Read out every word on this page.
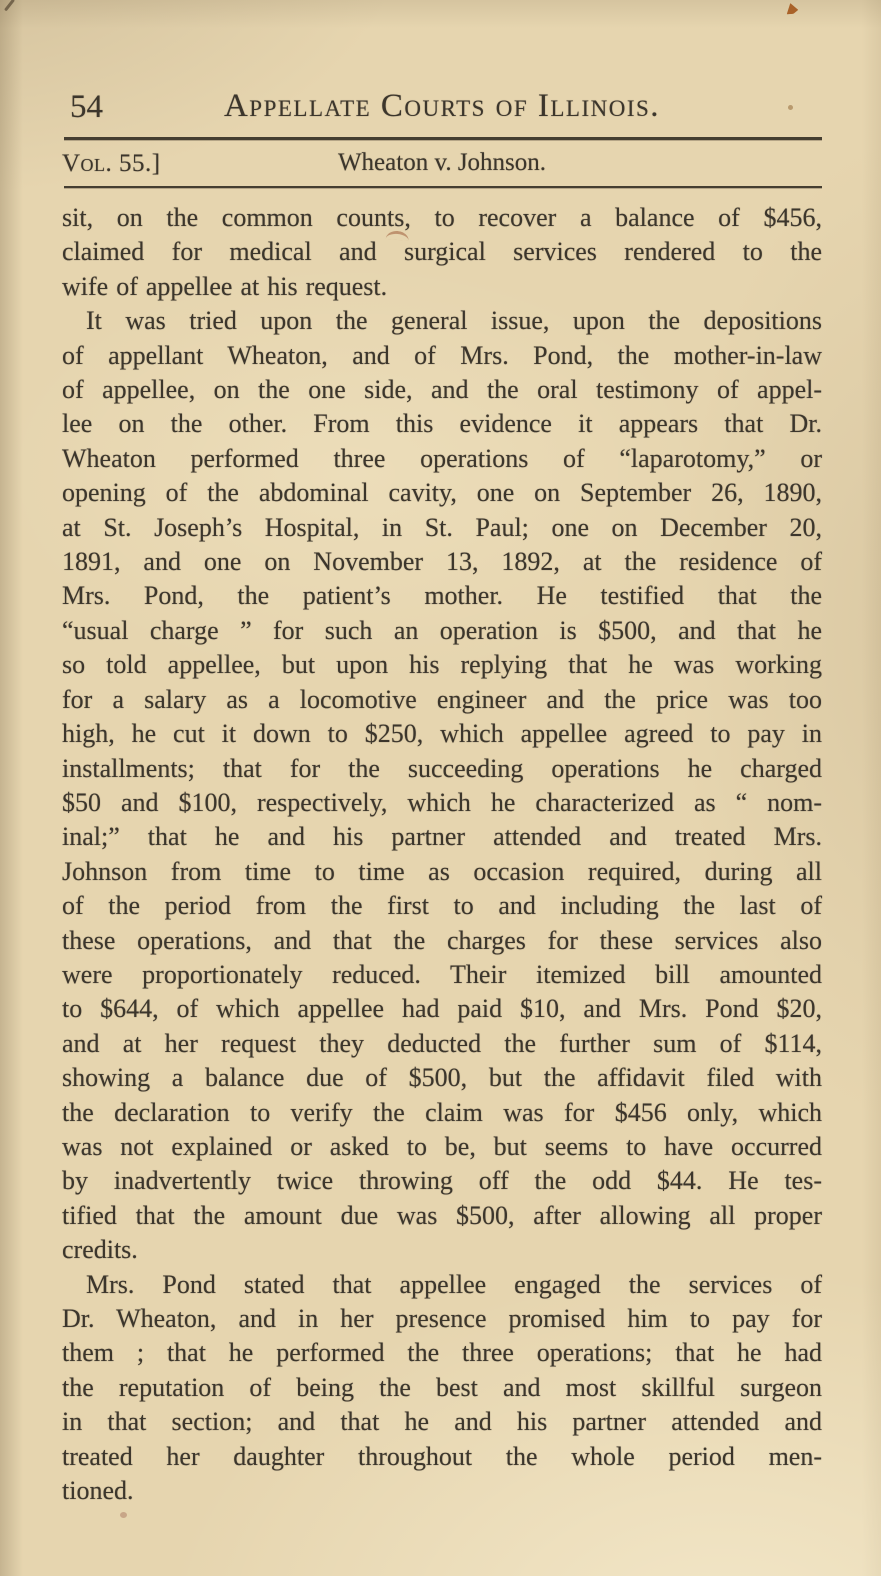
54	Appellate Courts of Illinois.
Vol. 55.]	Wheaton v. Johnson.
sit, on the common counts, to recover a balance of $456,
claimed for medical and surgical services rendered to the
wife of appellee at his request.
It was tried upon the general issue, upon the depositions
of appellant Wheaton, and of Mrs. Pond, the mother-in-law
of appellee, on the one side, and the oral testimony of appel-
lee on the other. From this evidence it appears that Dr.
Wheaton performed three operations of “laparotomy,” or
opening of the abdominal cavity, one on September 26, 1890,
at St. Joseph’s Hospital, in St. Paul; one on December 20,
1891, and one on November 13, 1892, at the residence of
Mrs. Pond, the patient’s mother. He testified that the
“usual charge ” for such an operation is $500, and that he
so told appellee, but upon his replying that he was working
for a salary as a locomotive engineer and the price was too
high, he cut it down to $250, which appellee agreed to pay in
installments; that for the succeeding operations he charged
$50 and $100, respectively, which he characterized as “ nom-
inal;” that he and his partner attended and treated Mrs.
Johnson from time to time as occasion required, during all
of the period from the first to and including the last of
these operations, and that the charges for these services also
were proportionately reduced. Their itemized bill amounted
to $644, of which appellee had paid $10, and Mrs. Pond $20,
and at her request they deducted the further sum of $114,
showing a balance due of $500, but the affidavit filed with
the declaration to verify the claim was for $456 only, which
was not explained or asked to be, but seems to have occurred
by inadvertently twice throwing off the odd $44. He tes-
tified that the amount due was $500, after allowing all proper
credits.
Mrs. Pond stated that appellee engaged the services of
Dr. Wheaton, and in her presence promised him to pay for
them ; that he performed the three operations; that he had
the reputation of being the best and most skillful surgeon
in that section; and that he and his partner attended and
treated her daughter throughout the whole period men-
tioned.
